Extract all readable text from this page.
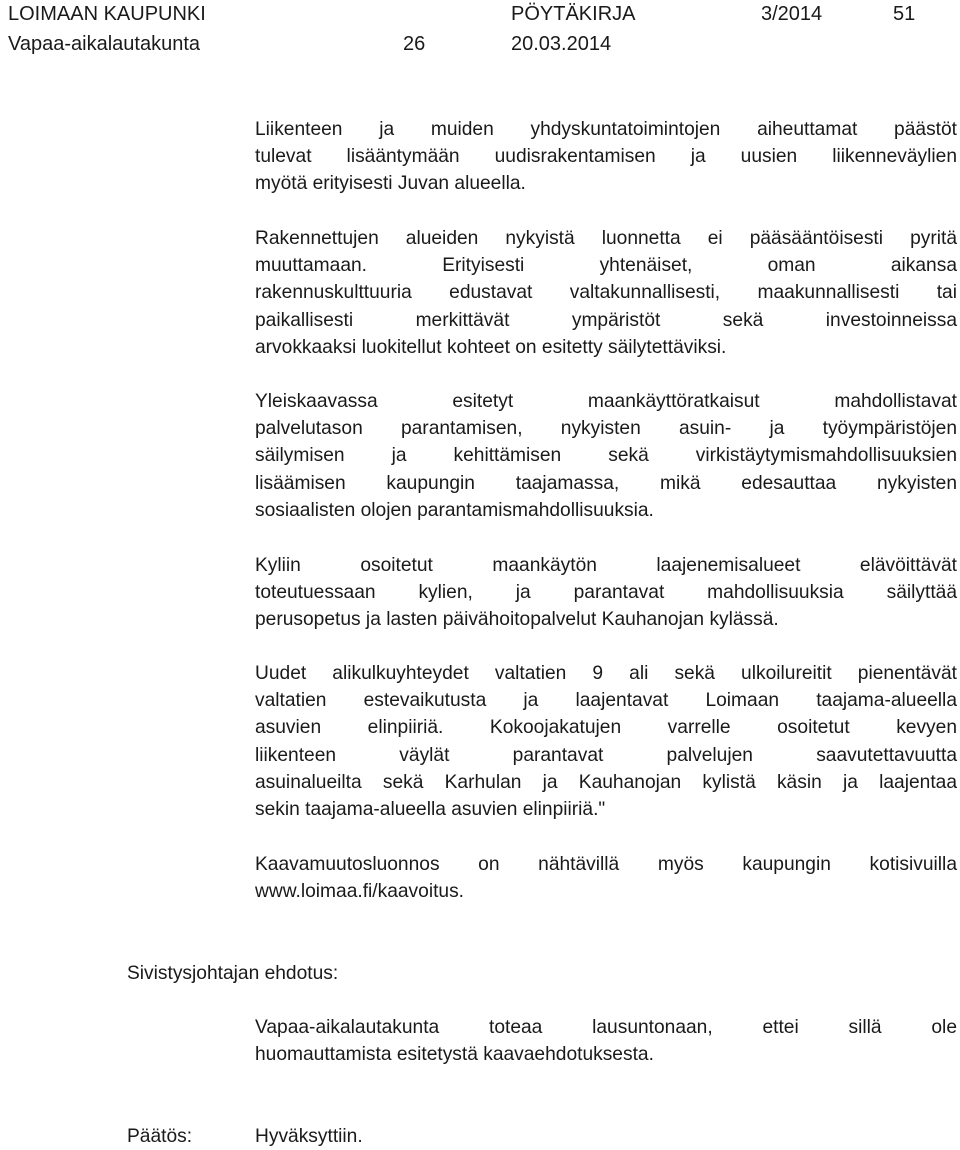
LOIMAAN KAUPUNKI	PÖYTÄKIRJA	3/2014	51
Vapaa-aikalautakunta	26	20.03.2014
Liikenteen ja muiden yhdyskuntatoimintojen aiheuttamat päästöt
tulevat lisääntymään uudisrakentamisen ja uusien liikenneväylien
myötä erityisesti Juvan alueella.
Rakennettujen alueiden nykyistä luonnetta ei pääsääntöisesti pyritä
muuttamaan. Erityisesti yhtenäiset, oman aikansa
rakennuskulttuuria edustavat valtakunnallisesti, maakunnallisesti tai
paikallisesti merkittävät ympäristöt sekä investoinneissa
arvokkaaksi luokitellut kohteet on esitetty säilytettäviksi.
Yleiskaavassa esitetyt maankäyttöratkaisut mahdollistavat
palvelutason parantamisen, nykyisten asuin- ja työympäristöjen
säilymisen ja kehittämisen sekä virkistäytymismahdollisuuksien
lisäämisen kaupungin taajamassa, mikä edesauttaa nykyisten
sosiaalisten olojen parantamismahdollisuuksia.
Kyliin osoitetut maankäytön laajenemisalueet elävöittävät
toteutuessaan kylien, ja parantavat mahdollisuuksia säilyttää
perusopetus ja lasten päivähoitopalvelut Kauhanojan kylässä.
Uudet alikulkuyhteydet valtatien 9 ali sekä ulkoilureitit pienentävät
valtatien estevaikutusta ja laajentavat Loimaan taajama-alueella
asuvien elinpiiriä. Kokoojakatujen varrelle osoitetut kevyen
liikenteen väylät parantavat palvelujen saavutettavuutta
asuinalueilta sekä Karhulan ja Kauhanojan kylistä käsin ja laajentaa
sekin taajama-alueella asuvien elinpiiriä."
Kaavamuutosluonnos on nähtävillä myös kaupungin kotisivuilla
www.loimaa.fi/kaavoitus.
Sivistysjohtajan ehdotus:
Vapaa-aikalautakunta toteaa lausuntonaan, ettei sillä ole
huomauttamista esitetystä kaavaehdotuksesta.
Päätös:	Hyväksyttiin.
